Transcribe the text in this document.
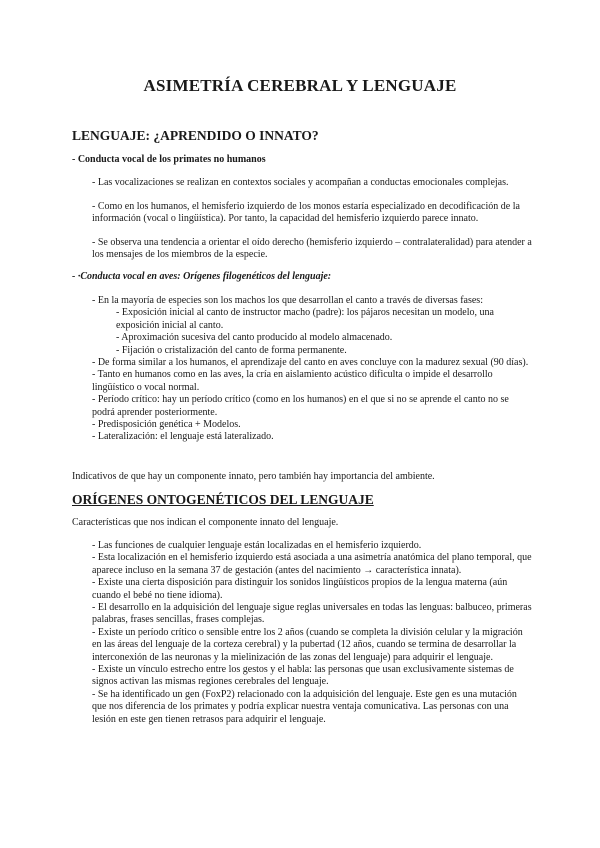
ASIMETRÍA CEREBRAL Y LENGUAJE
LENGUAJE: ¿APRENDIDO O INNATO?
- Conducta vocal de los primates no humanos

- Las vocalizaciones se realizan en contextos sociales y acompañan a conductas emocionales complejas.

- Como en los humanos, el hemisferio izquierdo de los monos estaría especializado en decodificación de la información (vocal o lingüística). Por tanto, la capacidad del hemisferio izquierdo parece innato.

- Se observa una tendencia a orientar el oído derecho (hemisferio izquierdo – contralateralidad) para atender a los mensajes de los miembros de la especie.

- ·Conducta vocal en aves: Orígenes filogenéticos del lenguaje:

- En la mayoría de especies son los machos los que desarrollan el canto a través de diversas fases:

- Exposición inicial al canto de instructor macho (padre): los pájaros necesitan un modelo, una exposición inicial al canto.

- Aproximación sucesiva del canto producido al modelo almacenado.

- Fijación o cristalización del canto de forma permanente.

- De forma similar a los humanos, el aprendizaje del canto en aves concluye con la madurez sexual (90 días).

- Tanto en humanos como en las aves, la cría en aislamiento acústico dificulta o impide el desarrollo lingüístico o vocal normal.

- Período crítico: hay un período crítico (como en los humanos) en el que si no se aprende el canto no se podrá aprender posteriormente.

- Predisposición genética + Modelos.

- Lateralización: el lenguaje está lateralizado.

Indicativos de que hay un componente innato, pero también hay importancia del ambiente.

ORÍGENES ONTOGENÉTICOS DEL LENGUAJE

Características que nos indican el componente innato del lenguaje.

- Las funciones de cualquier lenguaje están localizadas en el hemisferio izquierdo.

- Esta localización en el hemisferio izquierdo está asociada a una asimetría anatómica del plano temporal, que aparece incluso en la semana 37 de gestación (antes del nacimiento → característica innata).

- Existe una cierta disposición para distinguir los sonidos lingüísticos propios de la lengua materna (aún cuando el bebé no tiene idioma).

- El desarrollo en la adquisición del lenguaje sigue reglas universales en todas las lenguas: balbuceo, primeras palabras, frases sencillas, frases complejas.

- Existe un período crítico o sensible entre los 2 años (cuando se completa la división celular y la migración en las áreas del lenguaje de la corteza cerebral) y la pubertad (12 años, cuando se termina de desarrollar la interconexión de las neuronas y la mielinización de las zonas del lenguaje) para adquirir el lenguaje.

- Existe un vínculo estrecho entre los gestos y el habla: las personas que usan exclusivamente sistemas de signos activan las mismas regiones cerebrales del lenguaje.

- Se ha identificado un gen (FoxP2) relacionado con la adquisición del lenguaje. Este gen es una mutación que nos diferencia de los primates y podría explicar nuestra ventaja comunicativa. Las personas con una lesión en este gen tienen retrasos para adquirir el lenguaje.
